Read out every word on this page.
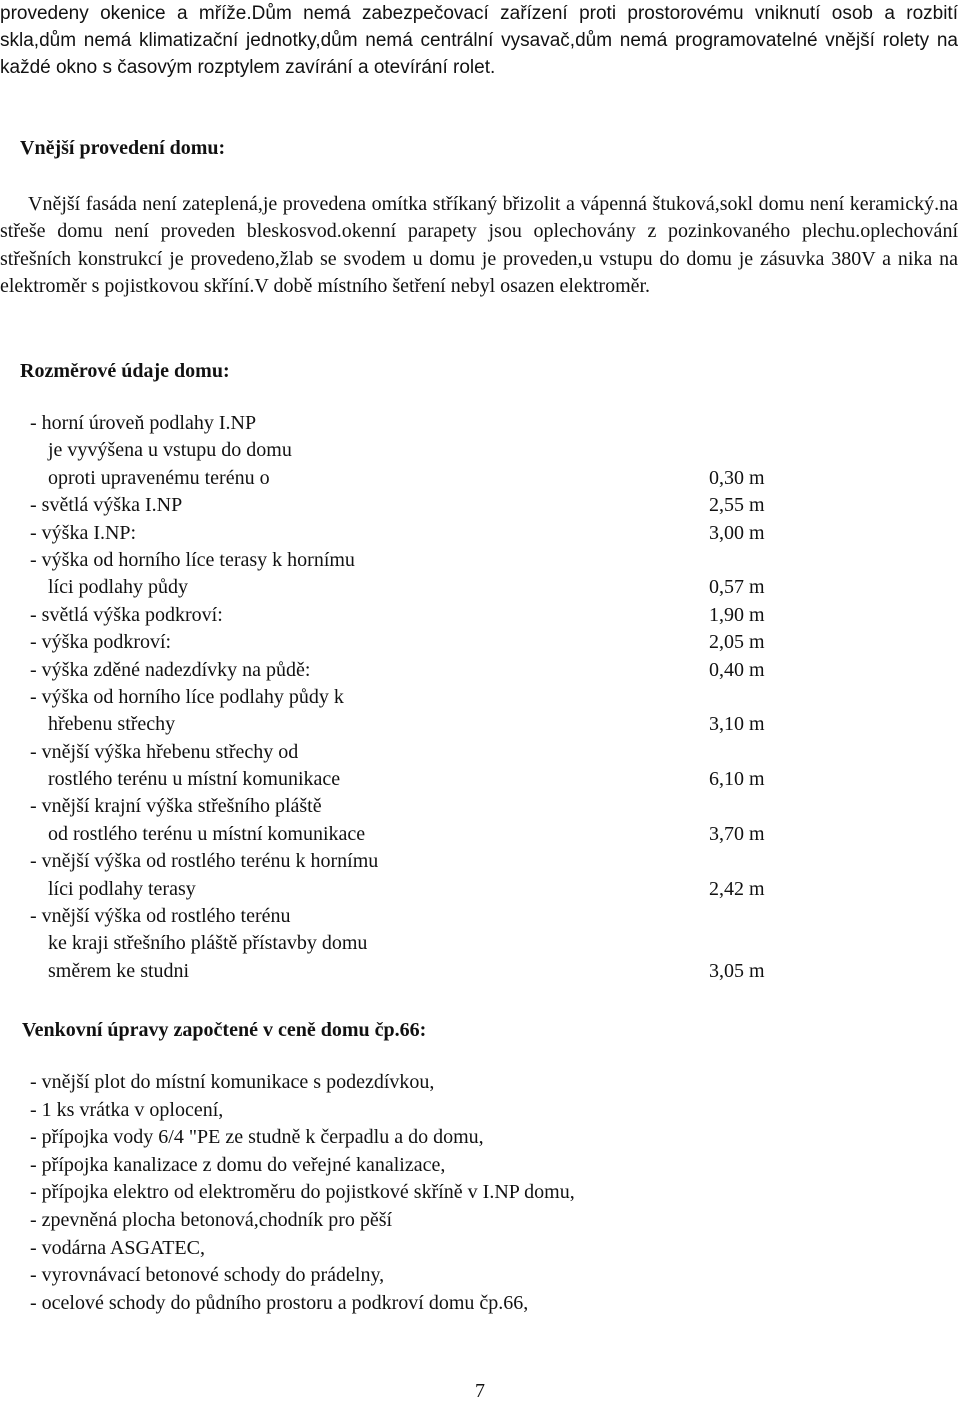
provedeny okenice a mříže.Dům nemá zabezpečovací zařízení proti prostorovému vniknutí osob a rozbití skla,dům nemá klimatizační jednotky,dům nemá centrální vysavač,dům nemá programovatelné vnější rolety na každé okno s časovým rozptylem zavírání a otevírání rolet.
Vnější provedení domu:

Vnější fasáda není zateplená,je provedena omítka stříkaný břizolit a vápenná štuková,sokl domu není keramický.na střeše domu není proveden bleskosvod.okenní parapety jsou oplechovány z pozinkovaného plechu.oplechování střešních konstrukcí je provedeno,žlab se svodem u domu je proveden,u vstupu do domu je zásuvka 380V a nika na elektroměr s pojistkovou skříní.V době místního šetření nebyl osazen elektroměr.

Rozměrové údaje domu:
- horní úroveň podlahy I.NP
je vyvýšena u vstupu do domu
oproti upravenému terénu o	0,30 m
- světlá výška I.NP	2,55 m
- výška I.NP:	3,00 m
- výška od horního líce terasy k hornímu
líci podlahy půdy	0,57 m
- světlá výška podkroví:	1,90 m
- výška podkroví:	2,05 m
- výška zděné nadezdívky na půdě:	0,40 m
- výška od horního líce podlahy půdy k
hřebenu střechy	3,10 m
- vnější výška hřebenu střechy od
rostlého terénu u místní komunikace	6,10 m
- vnější krajní výška střešního pláště
od rostlého terénu u místní komunikace	3,70 m
- vnější výška od rostlého terénu k hornímu
líci podlahy terasy	2,42 m
- vnější výška od rostlého terénu
ke kraji střešního pláště přístavby domu
směrem ke studni	3,05 m
Venkovní úpravy započtené v ceně domu čp.66:
- vnější plot do místní komunikace s podezdívkou,
- 1 ks vrátka v oplocení,
- přípojka vody 6/4 "PE ze studně k čerpadlu a do domu,
- přípojka kanalizace z domu do veřejné kanalizace,
- přípojka elektro od elektroměru do pojistkové skříně v I.NP domu,
- zpevněná plocha betonová,chodník pro pěší
- vodárna ASGATEC,
- vyrovnávací betonové schody do prádelny,
- ocelové schody do půdního prostoru a podkroví domu čp.66,
7
